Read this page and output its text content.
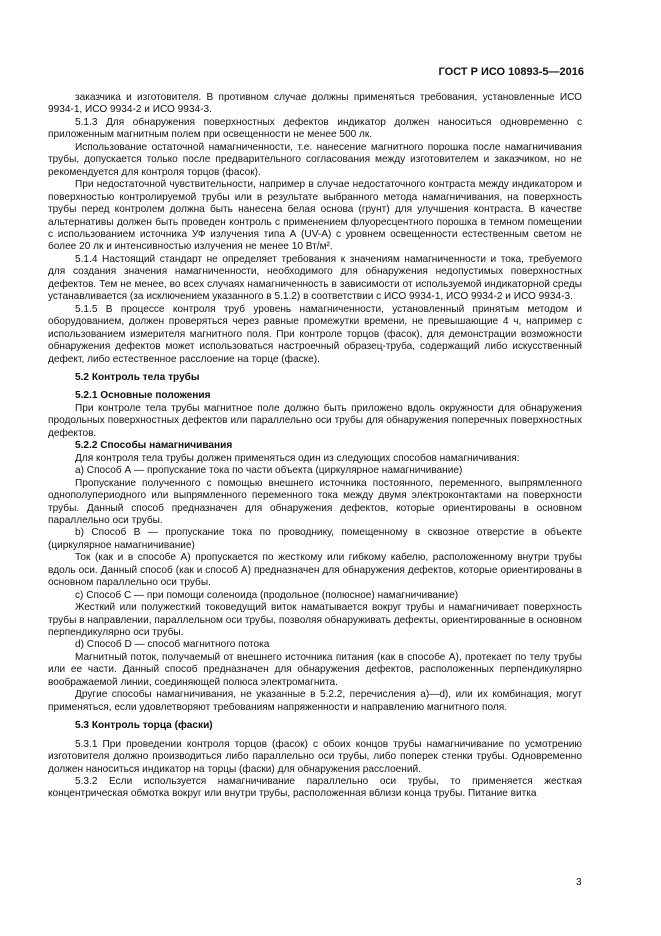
ГОСТ Р ИСО 10893-5—2016

заказчика и изготовителя. В противном случае должны применяться требования, установленные ИСО 9934-1, ИСО 9934-2 и ИСО 9934-3.

5.1.3 Для обнаружения поверхностных дефектов индикатор должен наноситься одновременно с приложенным магнитным полем при освещенности не менее 500 лк.

Использование остаточной намагниченности, т.е. нанесение магнитного порошка после намагничивания трубы, допускается только после предварительного согласования между изготовителем и заказчиком, но не рекомендуется для контроля торцов (фасок).

При недостаточной чувствительности, например в случае недостаточного контраста между индикатором и поверхностью контролируемой трубы или в результате выбранного метода намагничивания, на поверхность трубы перед контролем должна быть нанесена белая основа (грунт) для улучшения контраста. В качестве альтернативы должен быть проведен контроль с применением флуоресцентного порошка в темном помещении с использованием источника УФ излучения типа А (UV-A) с уровнем освещенности естественным светом не более 20 лк и интенсивностью излучения не менее 10 Вт/м².

5.1.4 Настоящий стандарт не определяет требования к значениям намагниченности и тока, требуемого для создания значения намагниченности, необходимого для обнаружения недопустимых поверхностных дефектов. Тем не менее, во всех случаях намагниченность в зависимости от используемой индикаторной среды устанавливается (за исключением указанного в 5.1.2) в соответствии с ИСО 9934-1, ИСО 9934-2 и ИСО 9934-3.

5.1.5 В процессе контроля труб уровень намагниченности, установленный принятым методом и оборудованием, должен проверяться через равные промежутки времени, не превышающие 4 ч, например с использованием измерителя магнитного поля. При контроле торцов (фасок), для демонстрации возможности обнаружения дефектов может использоваться настроечный образец-труба, содержащий либо искусственный дефект, либо естественное расслоение на торце (фаске).

5.2 Контроль тела трубы

5.2.1 Основные положения

При контроле тела трубы магнитное поле должно быть приложено вдоль окружности для обнаружения продольных поверхностных дефектов или параллельно оси трубы для обнаружения поперечных поверхностных дефектов.

5.2.2 Способы намагничивания

Для контроля тела трубы должен применяться один из следующих способов намагничивания:

а) Способ А — пропускание тока по части объекта (циркулярное намагничивание)

Пропускание полученного с помощью внешнего источника постоянного, переменного, выпрямленного однополупериодного или выпрямленного переменного тока между двумя электроконтактами на поверхности трубы. Данный способ предназначен для обнаружения дефектов, которые ориентированы в основном параллельно оси трубы.

b) Способ В — пропускание тока по проводнику, помещенному в сквозное отверстие в объекте (циркулярное намагничивание)

Ток (как и в способе А) пропускается по жесткому или гибкому кабелю, расположенному внутри трубы вдоль оси. Данный способ (как и способ А) предназначен для обнаружения дефектов, которые ориентированы в основном параллельно оси трубы.

с) Способ С — при помощи соленоида (продольное (полюсное) намагничивание)

Жесткий или полужесткий токоведущий виток наматывается вокруг трубы и намагничивает поверхность трубы в направлении, параллельном оси трубы, позволяя обнаруживать дефекты, ориентированные в основном перпендикулярно оси трубы.

d) Способ D — способ магнитного потока

Магнитный поток, получаемый от внешнего источника питания (как в способе А), протекает по телу трубы или ее части. Данный способ предназначен для обнаружения дефектов, расположенных перпендикулярно воображаемой линии, соединяющей полюса электромагнита.

Другие способы намагничивания, не указанные в 5.2.2, перечисления а)—d), или их комбинация, могут применяться, если удовлетворяют требованиям напряженности и направлению магнитного поля.

5.3 Контроль торца (фаски)

5.3.1 При проведении контроля торцов (фасок) с обоих концов трубы намагничивание по усмотрению изготовителя должно производиться либо параллельно оси трубы, либо поперек стенки трубы. Одновременно должен наноситься индикатор на торцы (фаски) для обнаружения расслоений.

5.3.2 Если используется намагничивание параллельно оси трубы, то применяется жесткая концентрическая обмотка вокруг или внутри трубы, расположенная вблизи конца трубы. Питание витка

3
